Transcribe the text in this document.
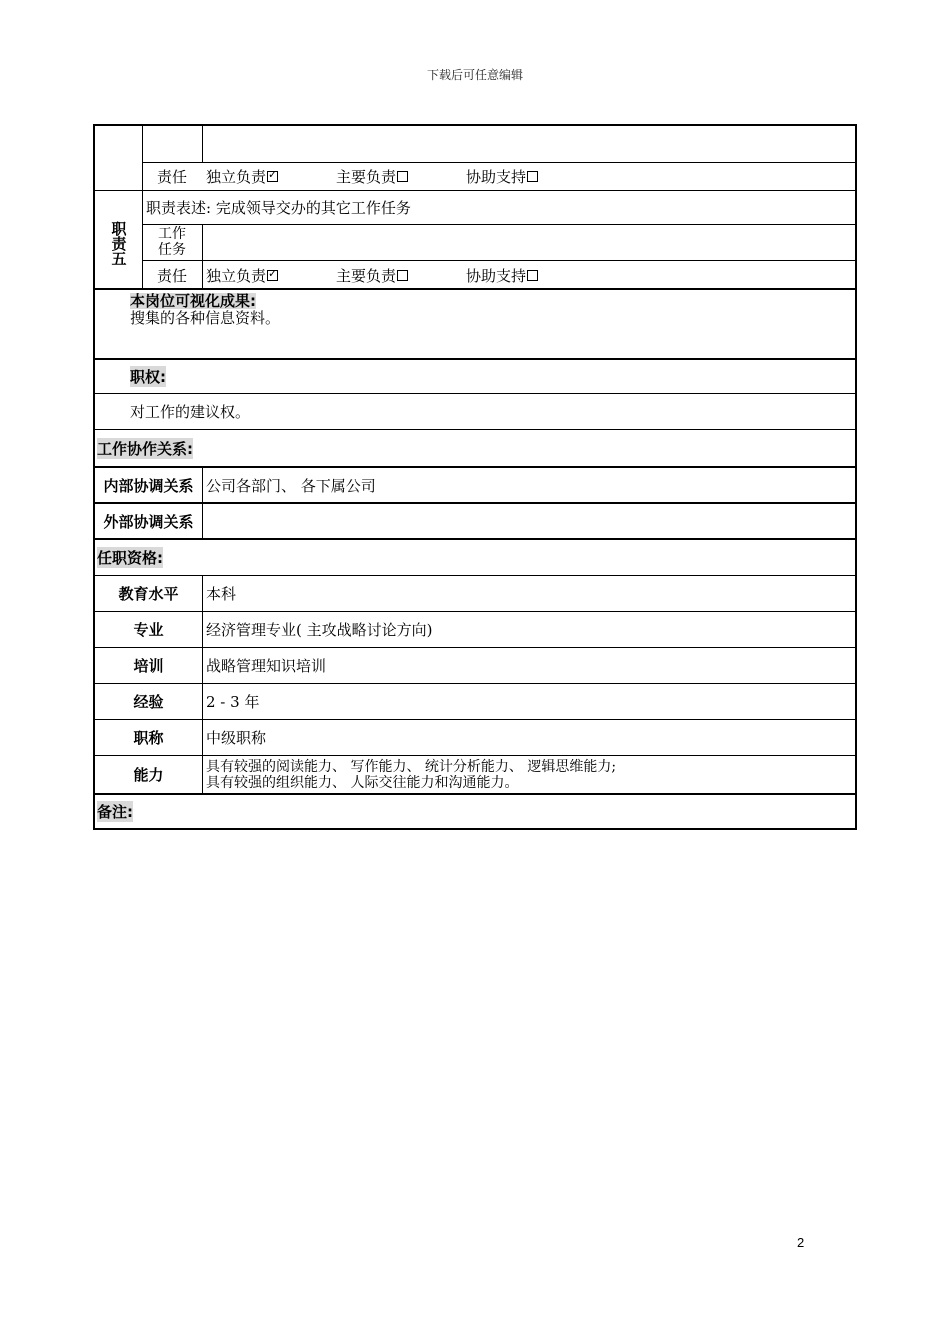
下载后可任意编辑
责任	独立负责 ✓	主要负责	协助支持
职责五
职责表述: 完成领导交办的其它工作任务
工作
任务
责任	独立负责 ✓	主要负责	协助支持
本岗位可视化成果:
搜集的各种信息资料。
职权:
对工作的建议权。
工作协作关系:
内部协调关系 公司各部门、 各下属公司
外部协调关系
任职资格:
教育水平	本科
专业	经济管理专业( 主攻战略讨论方向)
培训	战略管理知识培训
经验	2 - 3 年
职称	中级职称
能力	具有较强的阅读能力、 写作能力、 统计分析能力、 逻辑思维能力;
具有较强的组织能力、 人际交往能力和沟通能力。
备注:
2
